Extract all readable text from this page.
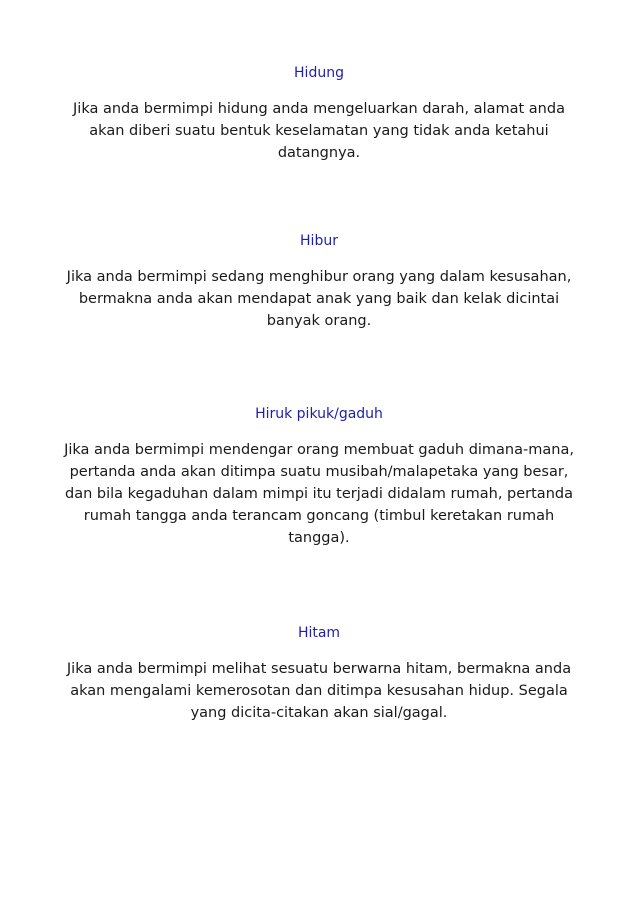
Hidung

Jika anda bermimpi hidung anda mengeluarkan darah, alamat anda akan diberi suatu bentuk keselamatan yang tidak anda ketahui datangnya.

Hibur

Jika anda bermimpi sedang menghibur orang yang dalam kesusahan, bermakna anda akan mendapat anak yang baik dan kelak dicintai banyak orang.

Hiruk pikuk/gaduh

Jika anda bermimpi mendengar orang membuat gaduh dimana-mana, pertanda anda akan ditimpa suatu musibah/malapetaka yang besar, dan bila kegaduhan dalam mimpi itu terjadi didalam rumah, pertanda rumah tangga anda terancam goncang (timbul keretakan rumah tangga).

Hitam

Jika anda bermimpi melihat sesuatu berwarna hitam, bermakna anda akan mengalami kemerosotan dan ditimpa kesusahan hidup. Segala yang dicita-citakan akan sial/gagal.
